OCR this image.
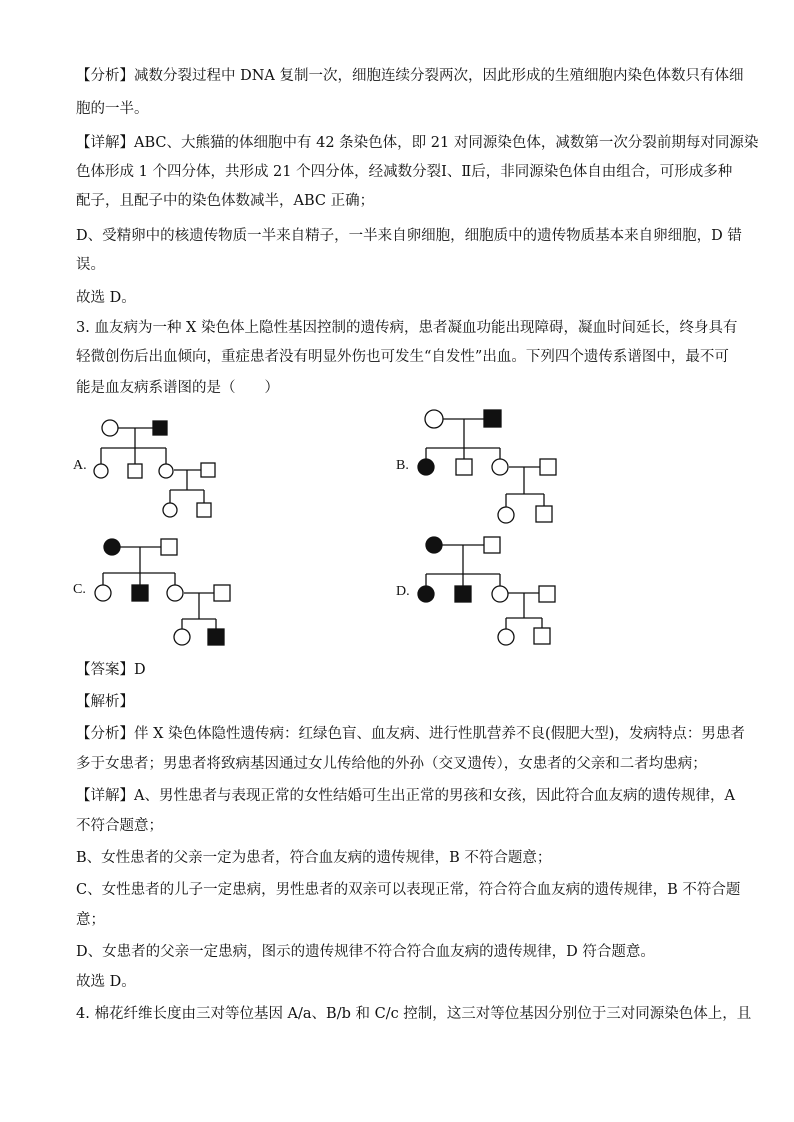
【分析】减数分裂过程中 DNA 复制一次，细胞连续分裂两次，因此形成的生殖细胞内染色体数只有体细
胞的一半。
【详解】ABC、大熊猫的体细胞中有 42 条染色体，即 21 对同源染色体，减数第一次分裂前期每对同源染
色体形成 1 个四分体，共形成 21 个四分体，经减数分裂Ⅰ、Ⅱ后，非同源染色体自由组合，可形成多种
配子，且配子中的染色体数减半，ABC 正确；
D、受精卵中的核遗传物质一半来自精子，一半来自卵细胞，细胞质中的遗传物质基本来自卵细胞，D 错
误。
故选 D。
3. 血友病为一种 X 染色体上隐性基因控制的遗传病，患者凝血功能出现障碍，凝血时间延长，终身具有
轻微创伤后出血倾向，重症患者没有明显外伤也可发生“自发性”出血。下列四个遗传系谱图中，最不可
能是血友病系谱图的是（　　）
A.	B.
C.	D.
【答案】D
【解析】
【分析】伴 X 染色体隐性遗传病：红绿色盲、血友病、进行性肌营养不良(假肥大型)，发病特点：男患者
多于女患者；男患者将致病基因通过女儿传给他的外孙（交叉遗传），女患者的父亲和二者均患病；
【详解】A、男性患者与表现正常的女性结婚可生出正常的男孩和女孩，因此符合血友病的遗传规律，A
不符合题意；
B、女性患者的父亲一定为患者，符合血友病的遗传规律，B 不符合题意；
C、女性患者的儿子一定患病，男性患者的双亲可以表现正常，符合符合血友病的遗传规律，B 不符合题
意；
D、女患者的父亲一定患病，图示的遗传规律不符合符合血友病的遗传规律，D 符合题意。
故选 D。
4. 棉花纤维长度由三对等位基因 A/a、B/b 和 C/c 控制，这三对等位基因分别位于三对同源染色体上，且
